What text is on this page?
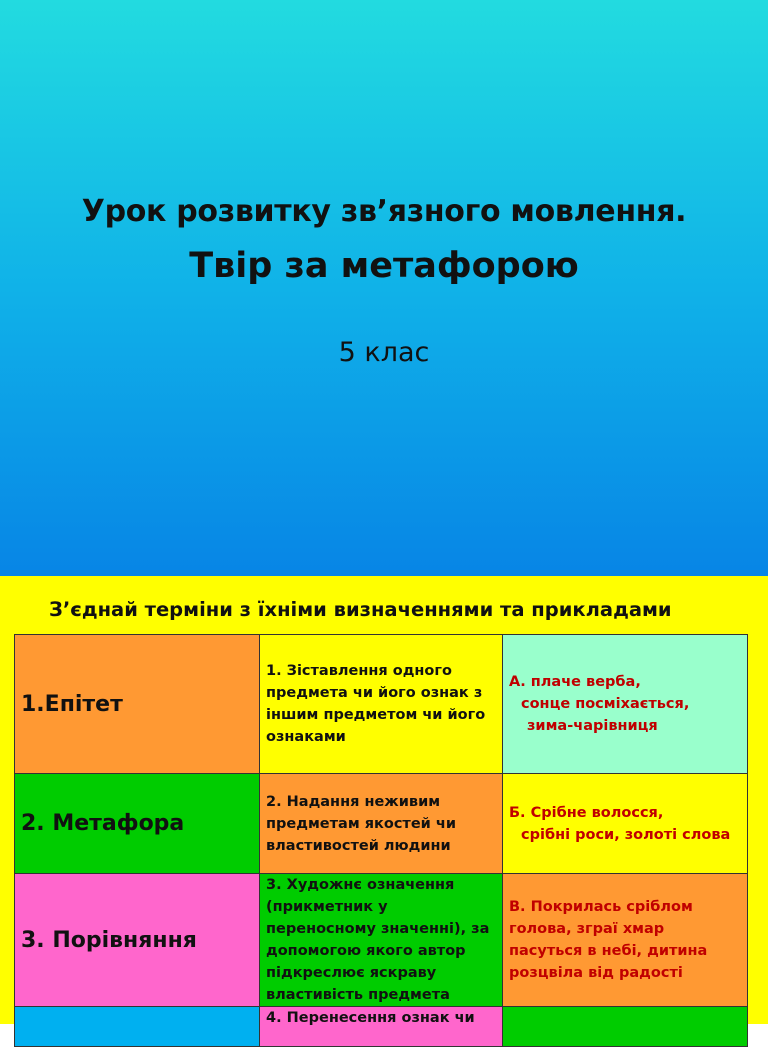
Урок розвитку зв’язного мовлення.
Твір за метафорою
5 клас
З’єднай терміни з їхніми визначеннями та прикладами
1.Епітет	1. Зіставлення одного предмета чи його ознак з іншим предметом чи його ознаками	А. плаче верба,
сонце посміхається,
зима-чарівниця

2. Метафора	2. Надання неживим предметам якостей чи властивостей людини	Б. Срібне волосся,
срібні роси, золоті слова

3. Порівняння	3. Художнє означення (прикметник у переносному значенні), за допомогою якого автор підкреслює яскраву властивість предмета	В. Покрилась сріблом голова, зграї хмар пасуться в небі, дитина розцвіла від радості
	4. Перенесення ознак чи	
